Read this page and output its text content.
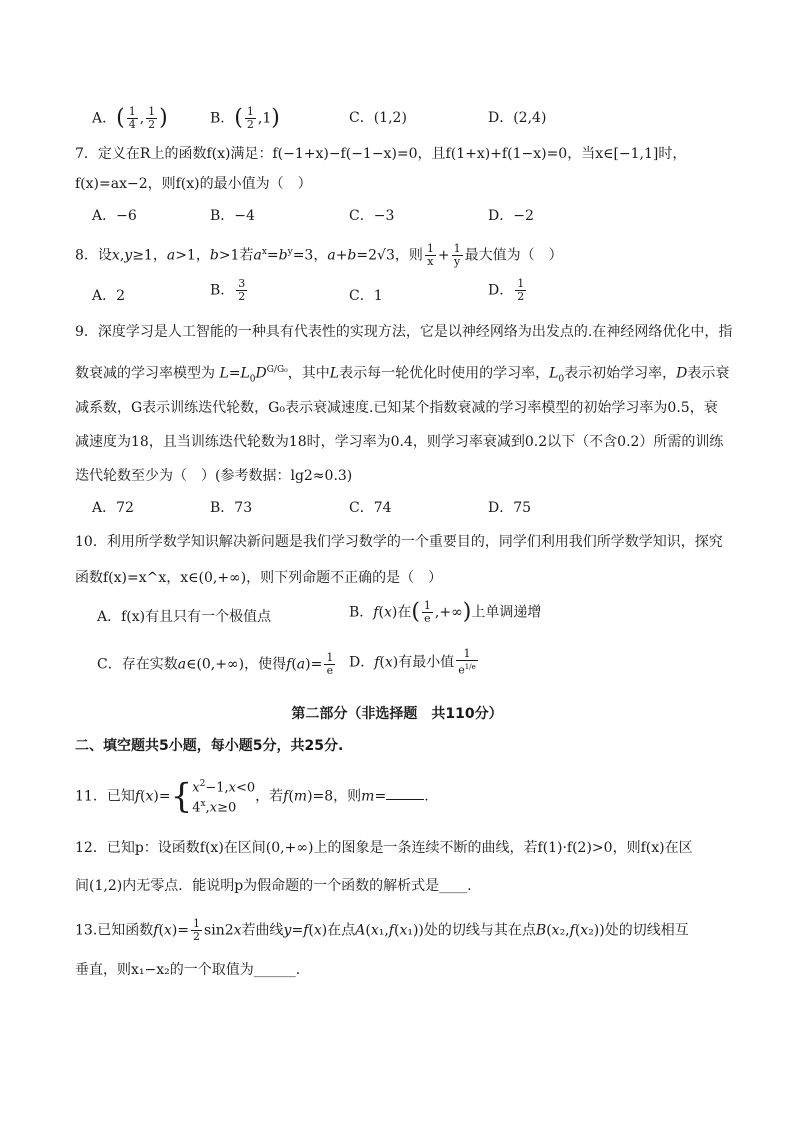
A．( $\frac{1}{4}$ , $\frac{1}{2}$ )	B．( $\frac{1}{2} ,1$)	C．(1,2)	D．(2,4)
7．定义在R上的函数f(x)满足：f(−1+x)−f(−1−x)=0，且f(1+x)+f(1−x)=0，当x∈[−1,1]时，
f(x)=ax−2，则f(x)的最小值为（　）
A．−6	B．−4	C．−3	D．−2
8．设x,y≥1，a>1，b>1若$a^x=b^y=3$，a+b=2√3，则 $\frac{1}{x} + \frac{1}{y}$ 最大值为（　）
A．2	B． $\frac{3}{2}$	C．1	D． $\frac{1}{2}$
9．深度学习是人工智能的一种具有代表性的实现方法，它是以神经网络为出发点的.在神经网络优化中，指
数衰减的学习率模型为 $L=L_0D^{G/G_0}$，其中L表示每一轮优化时使用的学习率，$L_0$表示初始学习率，D表示衰
减系数，G表示训练迭代轮数，G₀表示衰减速度.已知某个指数衰减的学习率模型的初始学习率为0.5，衰
减速度为18，且当训练迭代轮数为18时，学习率为0.4，则学习率衰减到0.2以下（不含0.2）所需的训练
迭代轮数至少为（　）(参考数据：lg2≈0.3)
A．72	B．73	C．74	D．75
10．利用所学数学知识解决新问题是我们学习数学的一个重要目的，同学们利用我们所学数学知识，探究
函数f(x)=x^x，x∈(0,+∞)，则下列命题不正确的是（　）
A．f(x)有且只有一个极值点	B．f(x)在( $\frac{1}{e}$ ,+∞)上单调递增
C．存在实数a∈(0,+∞)，使得$f(a)= \frac{1}{e}$ D．f(x)有最小值 $\frac{1}{e^{1/e}}$
第二部分（非选择题　共110分）
二、填空题共5小题，每小题5分，共25分.
11．已知f(x)={ $x^2-1,x<0$
$4^x,x\ge 0$
，若f(m)=8，则m=	.
12．已知p：设函数f(x)在区间(0,+∞)上的图象是一条连续不断的曲线，若f(1)·f(2)>0，则f(x)在区
间(1,2)内无零点．能说明p为假命题的一个函数的解析式是____.
13.已知函数$f(x)= \frac{1}{2} \sin 2x$若曲线y=f(x)在点A(x₁,f(x₁))处的切线与其在点B(x₂,f(x₂))处的切线相互
垂直，则x₁−x₂的一个取值为______.
